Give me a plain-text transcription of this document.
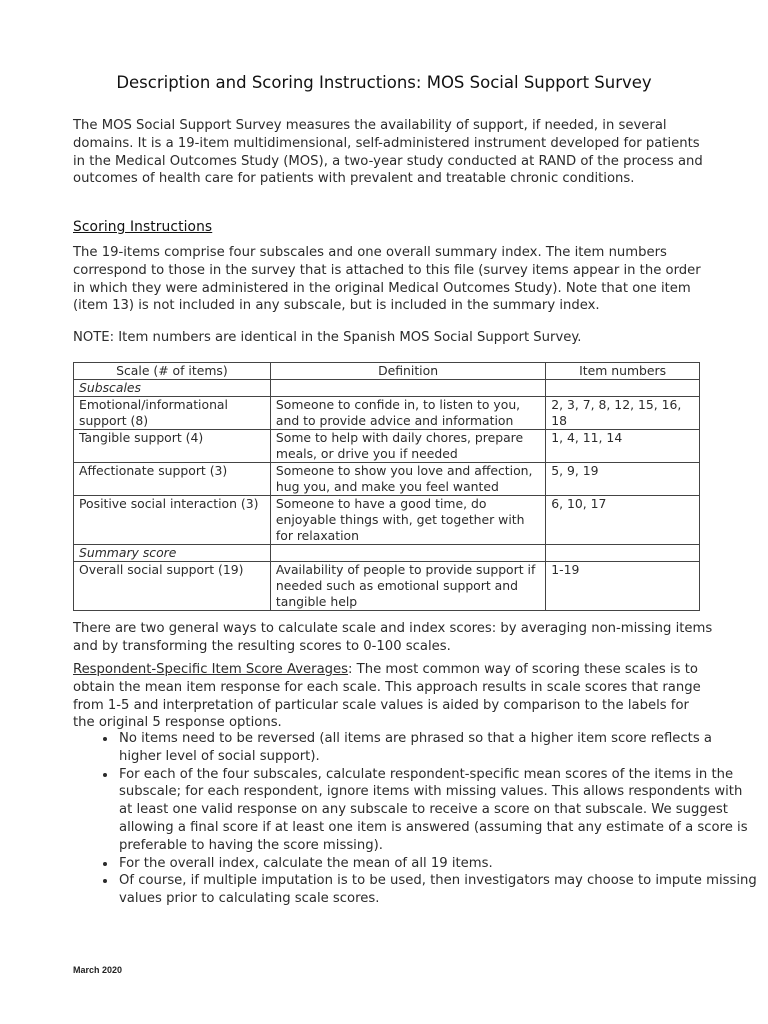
Description and Scoring Instructions: MOS Social Support Survey

The MOS Social Support Survey measures the availability of support, if needed, in several domains. It is a 19-item multidimensional, self-administered instrument developed for patients in the Medical Outcomes Study (MOS), a two-year study conducted at RAND of the process and outcomes of health care for patients with prevalent and treatable chronic conditions.

Scoring Instructions

The 19-items comprise four subscales and one overall summary index. The item numbers correspond to those in the survey that is attached to this file (survey items appear in the order in which they were administered in the original Medical Outcomes Study). Note that one item (item 13) is not included in any subscale, but is included in the summary index.

NOTE: Item numbers are identical in the Spanish MOS Social Support Survey.

Scale (# of items)	Definition	Item numbers
Subscales		
Emotional/informational support (8)	Someone to confide in, to listen to you, and to provide advice and information	2, 3, 7, 8, 12, 15, 16, 18
Tangible support (4)	Some to help with daily chores, prepare meals, or drive you if needed	1, 4, 11, 14
Affectionate support (3)	Someone to show you love and affection, hug you, and make you feel wanted	5, 9, 19
Positive social interaction (3)	Someone to have a good time, do enjoyable things with, get together with for relaxation	6, 10, 17
Summary score		
Overall social support (19)	Availability of people to provide support if needed such as emotional support and tangible help	1-19

There are two general ways to calculate scale and index scores: by averaging non-missing items and by transforming the resulting scores to 0-100 scales.

Respondent-Specific Item Score Averages: The most common way of scoring these scales is to obtain the mean item response for each scale. This approach results in scale scores that range from 1-5 and interpretation of particular scale values is aided by comparison to the labels for the original 5 response options.

• No items need to be reversed (all items are phrased so that a higher item score reflects a higher level of social support).
• For each of the four subscales, calculate respondent-specific mean scores of the items in the subscale; for each respondent, ignore items with missing values. This allows respondents with at least one valid response on any subscale to receive a score on that subscale. We suggest allowing a final score if at least one item is answered (assuming that any estimate of a score is preferable to having the score missing).
• For the overall index, calculate the mean of all 19 items.
• Of course, if multiple imputation is to be used, then investigators may choose to impute missing values prior to calculating scale scores.
March 2020
